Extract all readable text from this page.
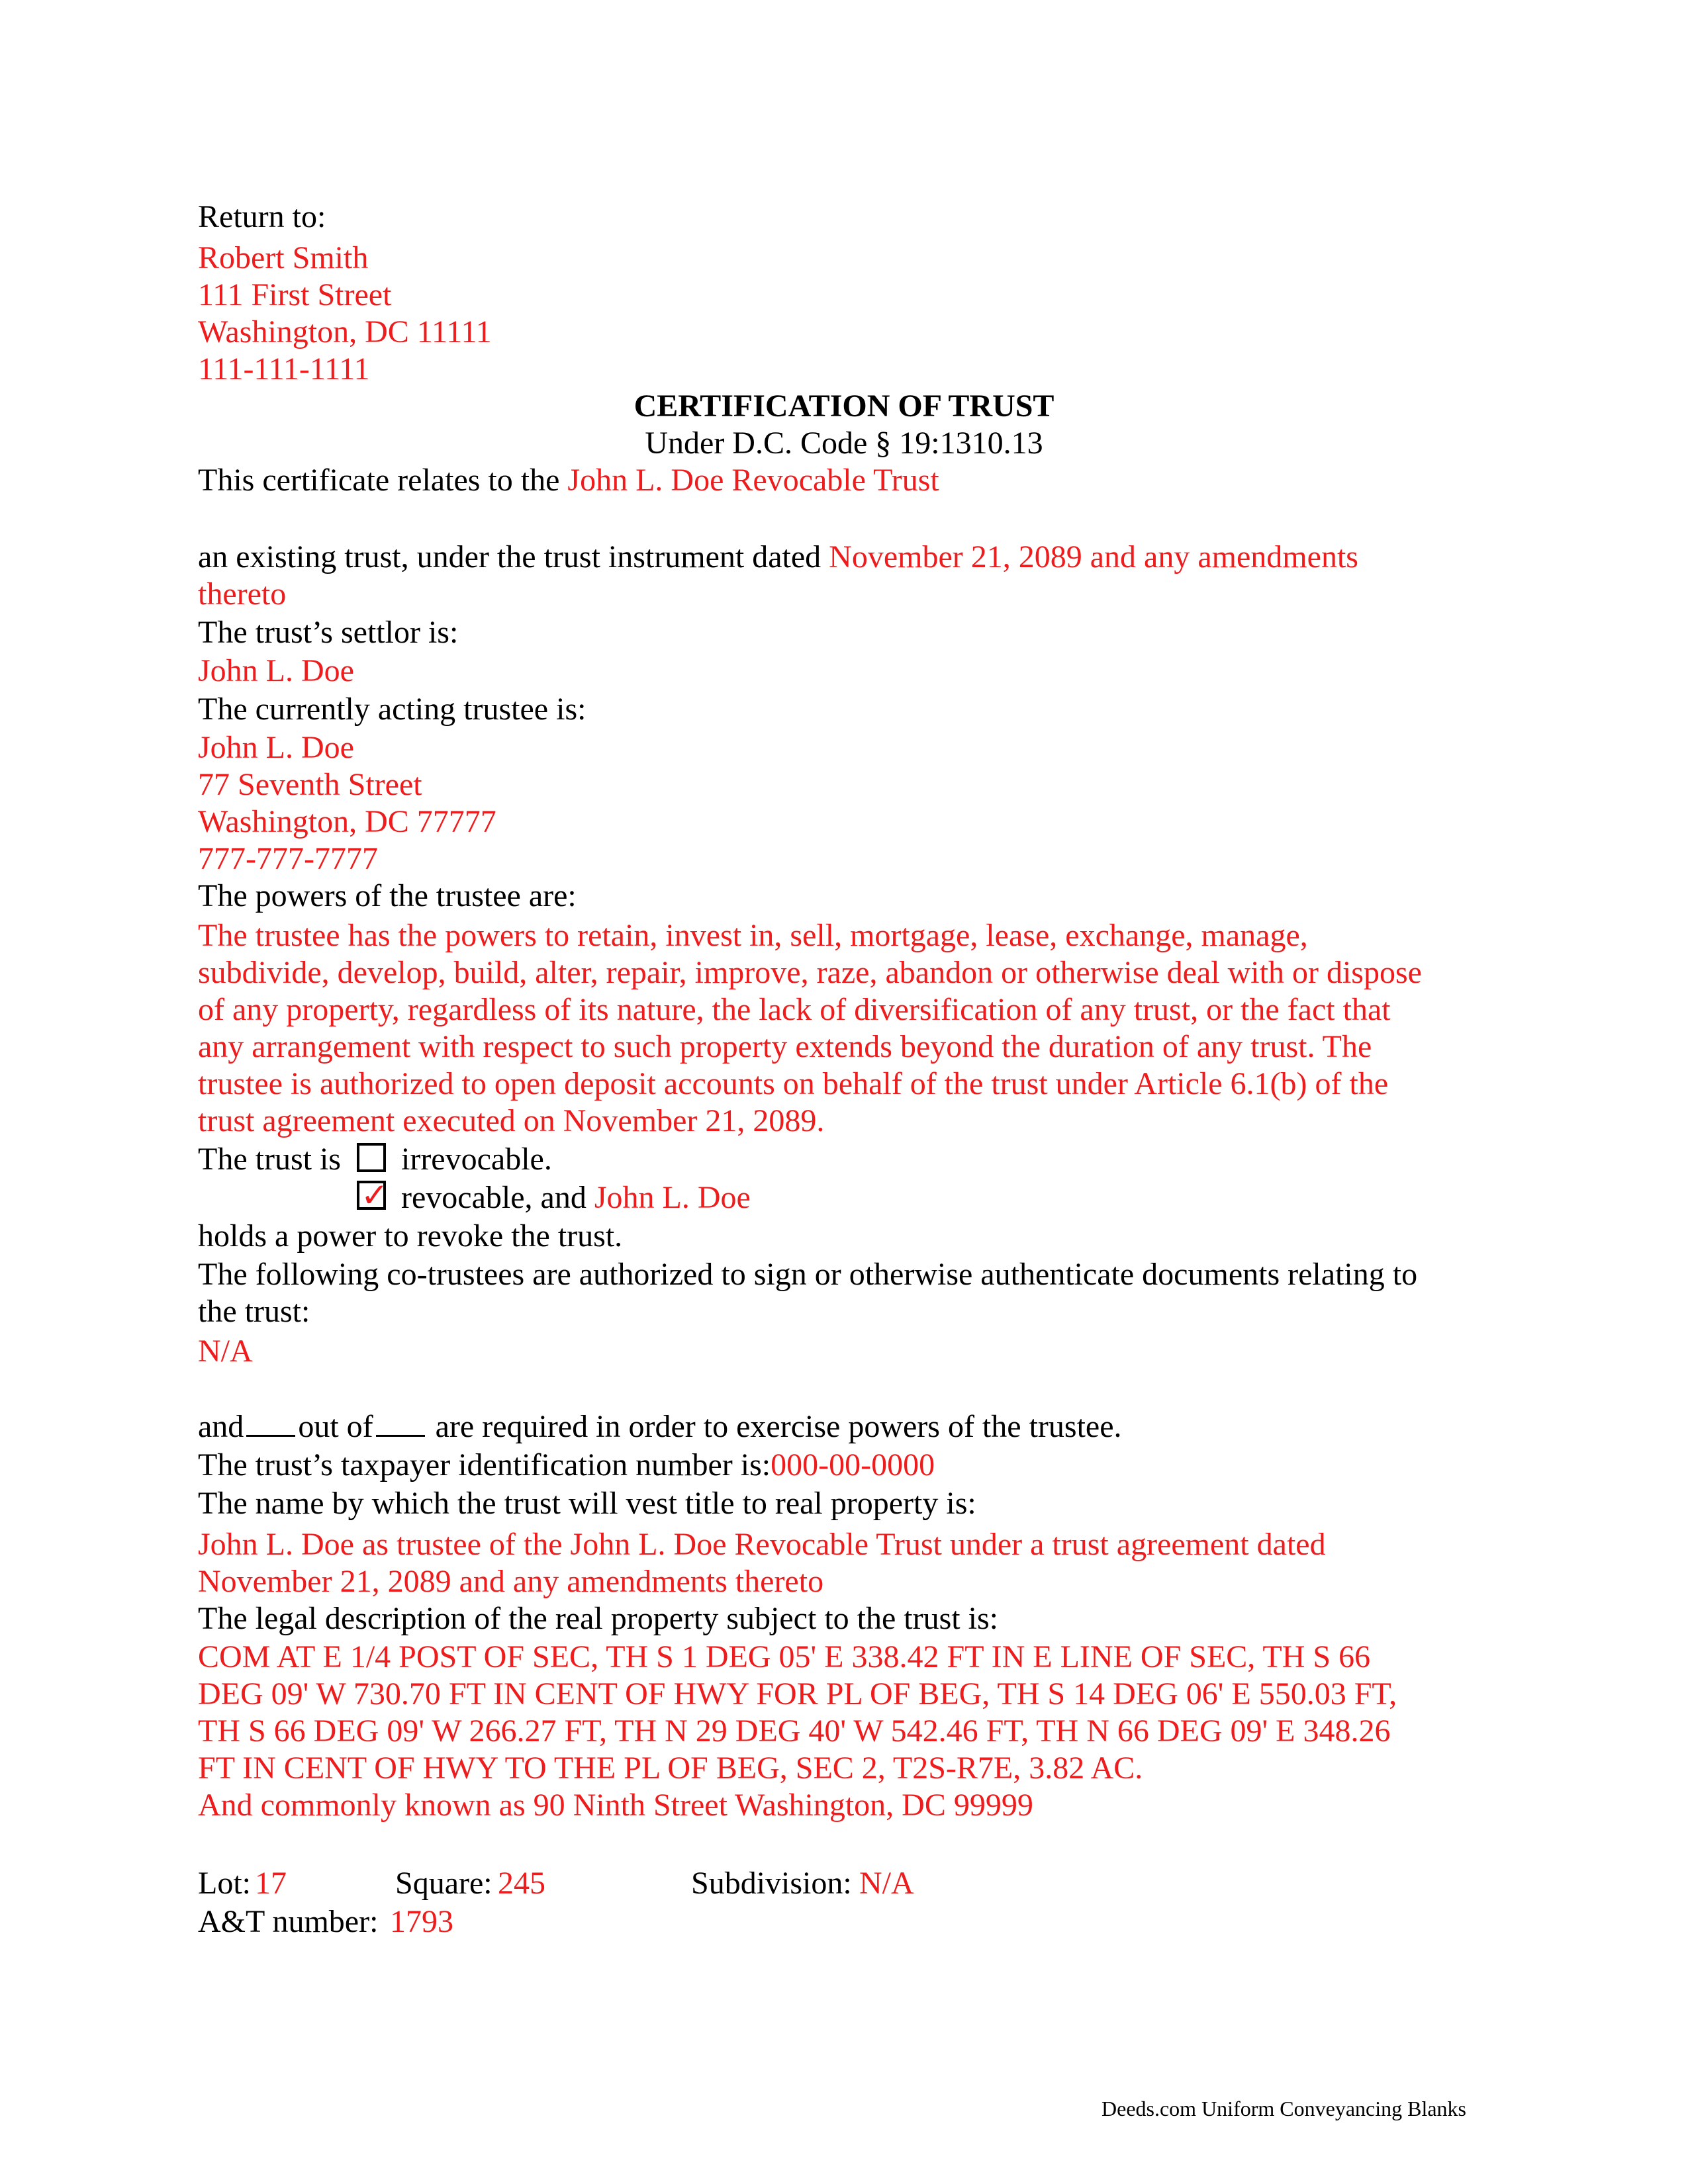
Return to:
Robert Smith
111 First Street
Washington, DC 11111
111-111-1111
CERTIFICATION OF TRUST
Under D.C. Code § 19:1310.13
This certificate relates to the John L. Doe Revocable Trust
an existing trust, under the trust instrument dated November 21, 2089 and any amendments
thereto
The trust’s settlor is:
John L. Doe
The currently acting trustee is:
John L. Doe
77 Seventh Street
Washington, DC 77777
777-777-7777
The powers of the trustee are:
The trustee has the powers to retain, invest in, sell, mortgage, lease, exchange, manage,
subdivide, develop, build, alter, repair, improve, raze, abandon or otherwise deal with or dispose
of any property, regardless of its nature, the lack of diversification of any trust, or the fact that
any arrangement with respect to such property extends beyond the duration of any trust. The
trustee is authorized to open deposit accounts on behalf of the trust under Article 6.1(b) of the
trust agreement executed on November 21, 2089.
The trust is irrevocable.
✓ revocable, and John L. Doe
holds a power to revoke the trust.
The following co-trustees are authorized to sign or otherwise authenticate documents relating to
the trust:
N/A
and out of are required in order to exercise powers of the trustee.
The trust’s taxpayer identification number is:000-00-0000
The name by which the trust will vest title to real property is:
John L. Doe as trustee of the John L. Doe Revocable Trust under a trust agreement dated
November 21, 2089 and any amendments thereto
The legal description of the real property subject to the trust is:
COM AT E 1/4 POST OF SEC, TH S 1 DEG 05' E 338.42 FT IN E LINE OF SEC, TH S 66
DEG 09' W 730.70 FT IN CENT OF HWY FOR PL OF BEG, TH S 14 DEG 06' E 550.03 FT,
TH S 66 DEG 09' W 266.27 FT, TH N 29 DEG 40' W 542.46 FT, TH N 66 DEG 09' E 348.26
FT IN CENT OF HWY TO THE PL OF BEG, SEC 2, T2S-R7E, 3.82 AC.
And commonly known as 90 Ninth Street Washington, DC 99999
Lot: 17	Square: 245	Subdivision: N/A
A&T number: 1793
Deeds.com Uniform Conveyancing Blanks
